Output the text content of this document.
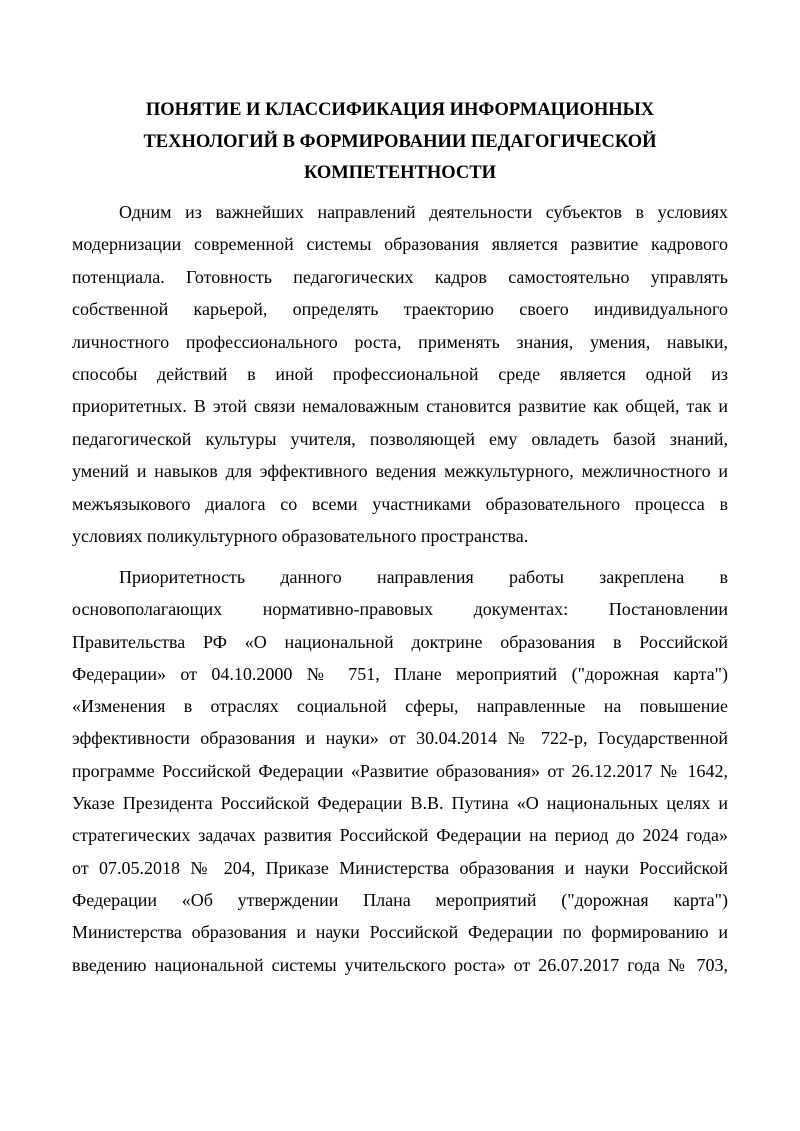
ПОНЯТИЕ И КЛАССИФИКАЦИЯ ИНФОРМАЦИОННЫХ
ТЕХНОЛОГИЙ В ФОРМИРОВАНИИ ПЕДАГОГИЧЕСКОЙ
КОМПЕТЕНТНОСТИ
Одним из важнейших направлений деятельности субъектов в условиях
модернизации современной системы образования является развитие кадрового
потенциала. Готовность педагогических кадров самостоятельно управлять
собственной карьерой, определять траекторию своего индивидуального
личностного профессионального роста, применять знания, умения, навыки,
способы действий в иной профессиональной среде является одной из
приоритетных. В этой связи немаловажным становится развитие как общей, так и
педагогической культуры учителя, позволяющей ему овладеть базой знаний,
умений и навыков для эффективного ведения межкультурного, межличностного и
межъязыкового диалога со всеми участниками образовательного процесса в
условиях поликультурного образовательного пространства.
Приоритетность данного направления работы закреплена в
основополагающих нормативно-правовых документах: Постановлении
Правительства РФ «О национальной доктрине образования в Российской
Федерации» от 04.10.2000 № 751, Плане мероприятий ("дорожная карта")
«Изменения в отраслях социальной сферы, направленные на повышение
эффективности образования и науки» от 30.04.2014 № 722-р, Государственной
программе Российской Федерации «Развитие образования» от 26.12.2017 № 1642,
Указе Президента Российской Федерации В.В. Путина «О национальных целях и
стратегических задачах развития Российской Федерации на период до 2024 года»
от 07.05.2018 № 204, Приказе Министерства образования и науки Российской
Федерации «Об утверждении Плана мероприятий ("дорожная карта")
Министерства образования и науки Российской Федерации по формированию и
введению национальной системы учительского роста» от 26.07.2017 года № 703,
